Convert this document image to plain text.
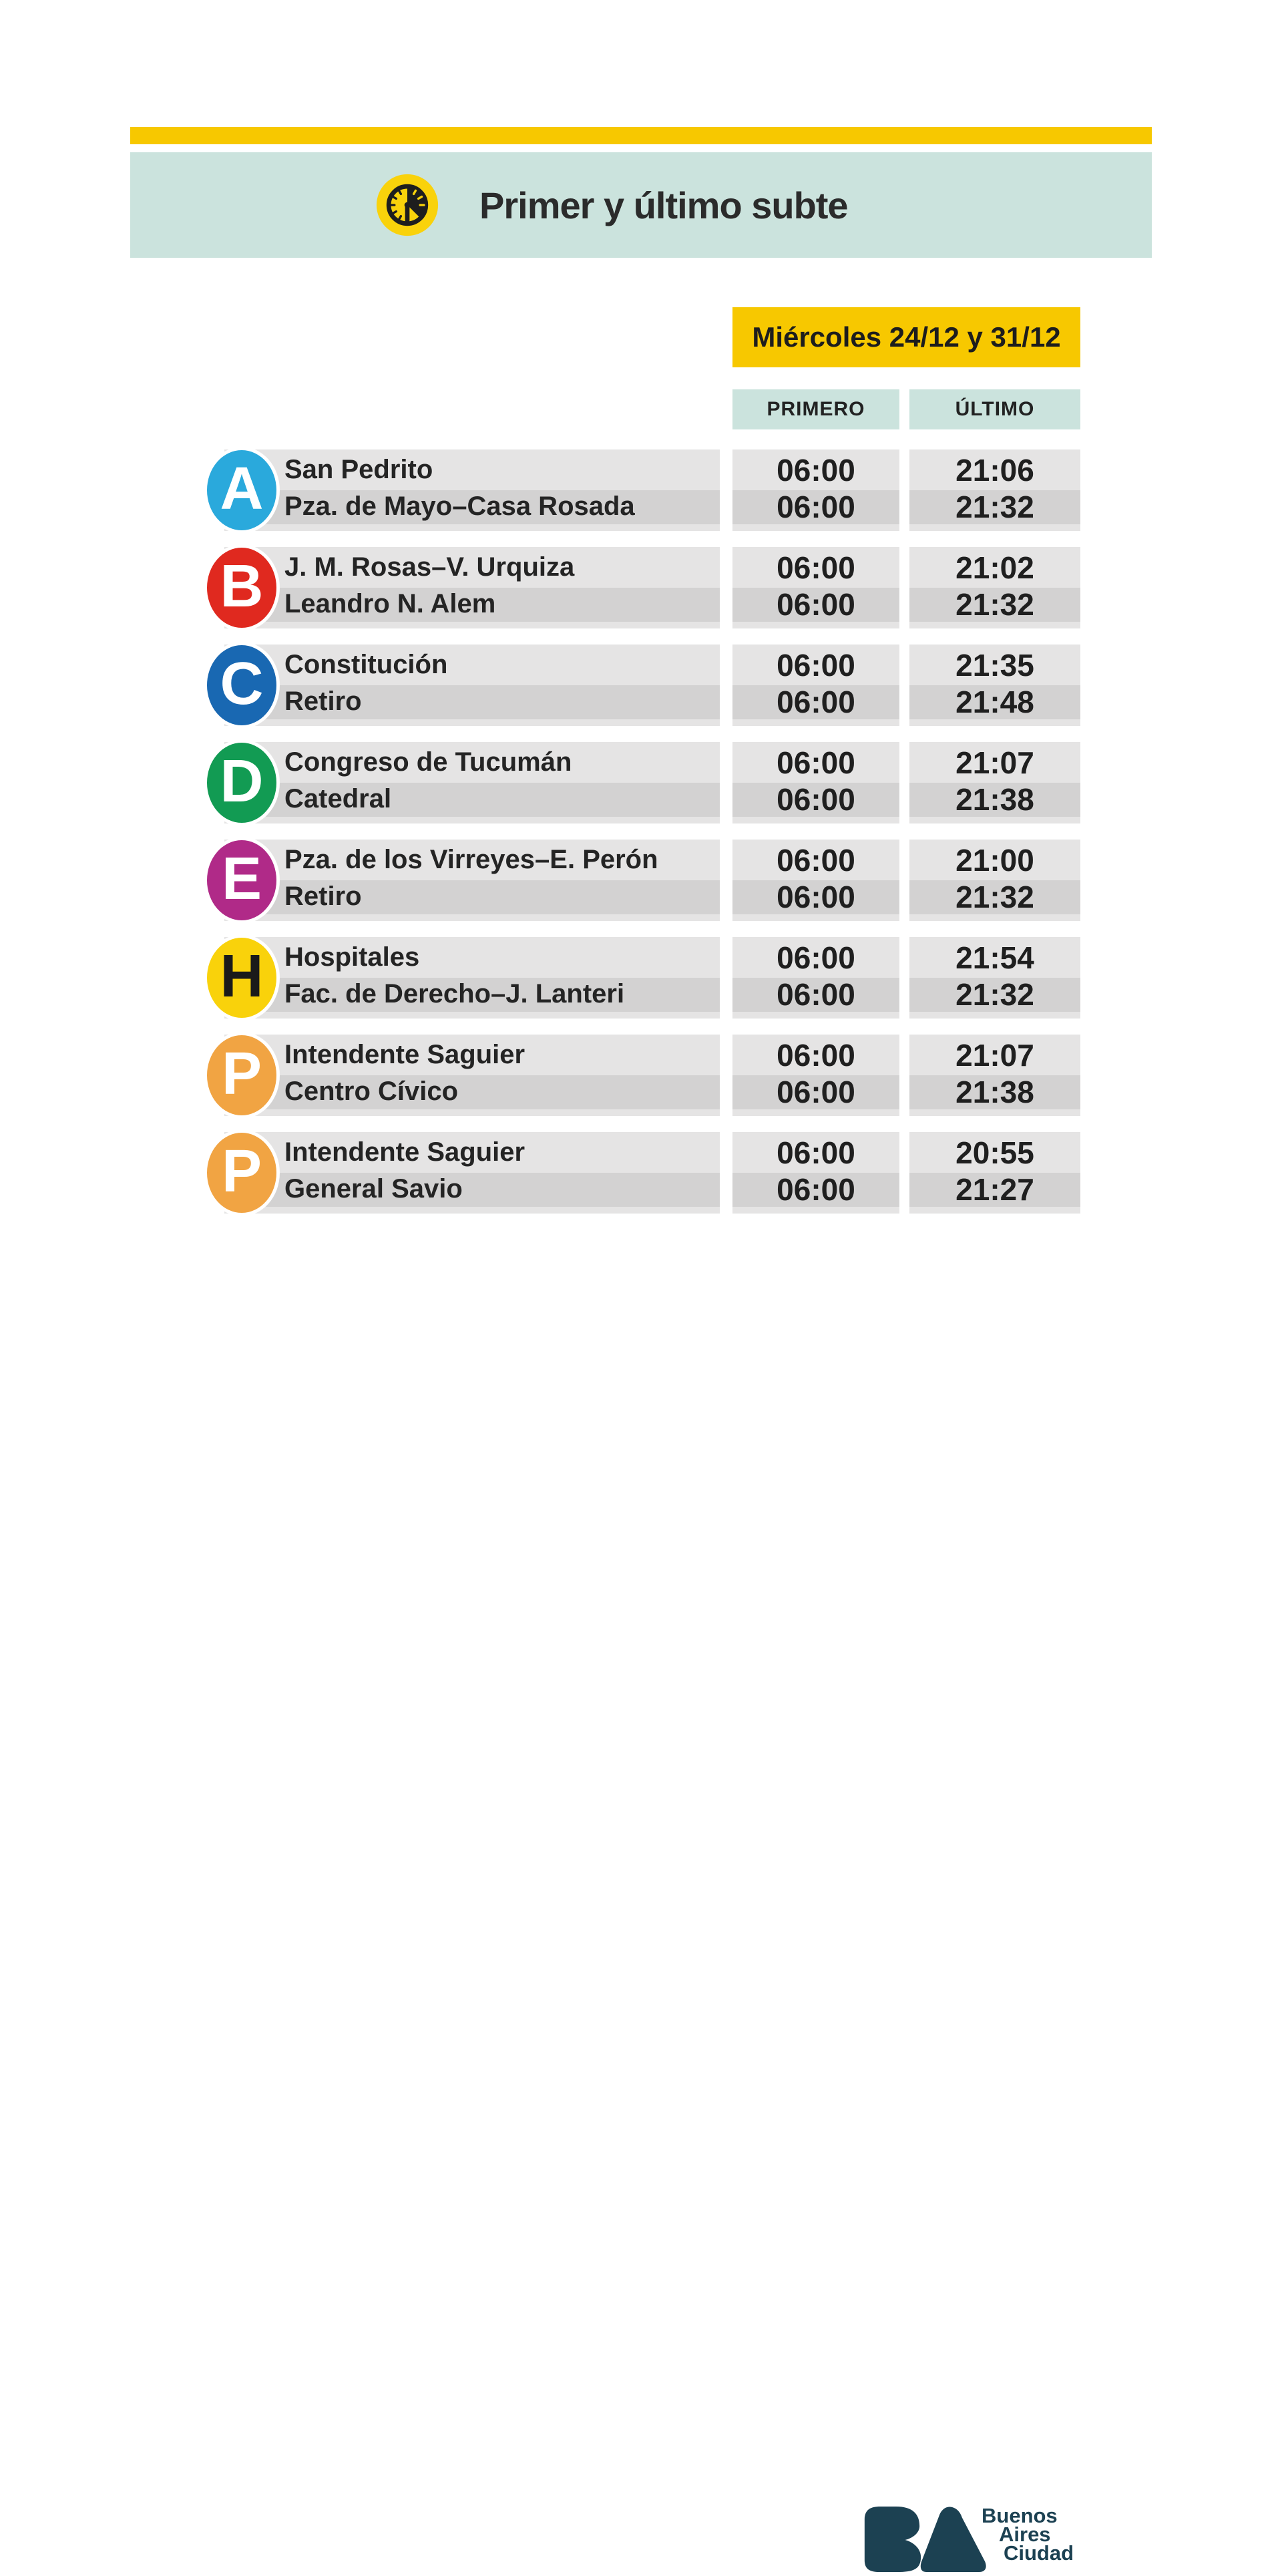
Primer y último subte
Miércoles 24/12 y 31/12
PRIMERO	ÚLTIMO
San Pedrito
Pza. de Mayo–Casa Rosada
06:00
06:00
21:06
21:32
A
J. M. Rosas–V. Urquiza
Leandro N. Alem
06:00
06:00
21:02
21:32
B
Constitución
Retiro
06:00
06:00
21:35
21:48
C
Congreso de Tucumán
Catedral
06:00
06:00
21:07
21:38
D
Pza. de los Virreyes–E. Perón
Retiro
06:00
06:00
21:00
21:32
E
Hospitales
Fac. de Derecho–J. Lanteri
06:00
06:00
21:54
21:32
H
Intendente Saguier
Centro Cívico
06:00
06:00
21:07
21:38
P
Intendente Saguier
General Savio
06:00
06:00
20:55
21:27
P
Buenos
Aires
Ciudad
